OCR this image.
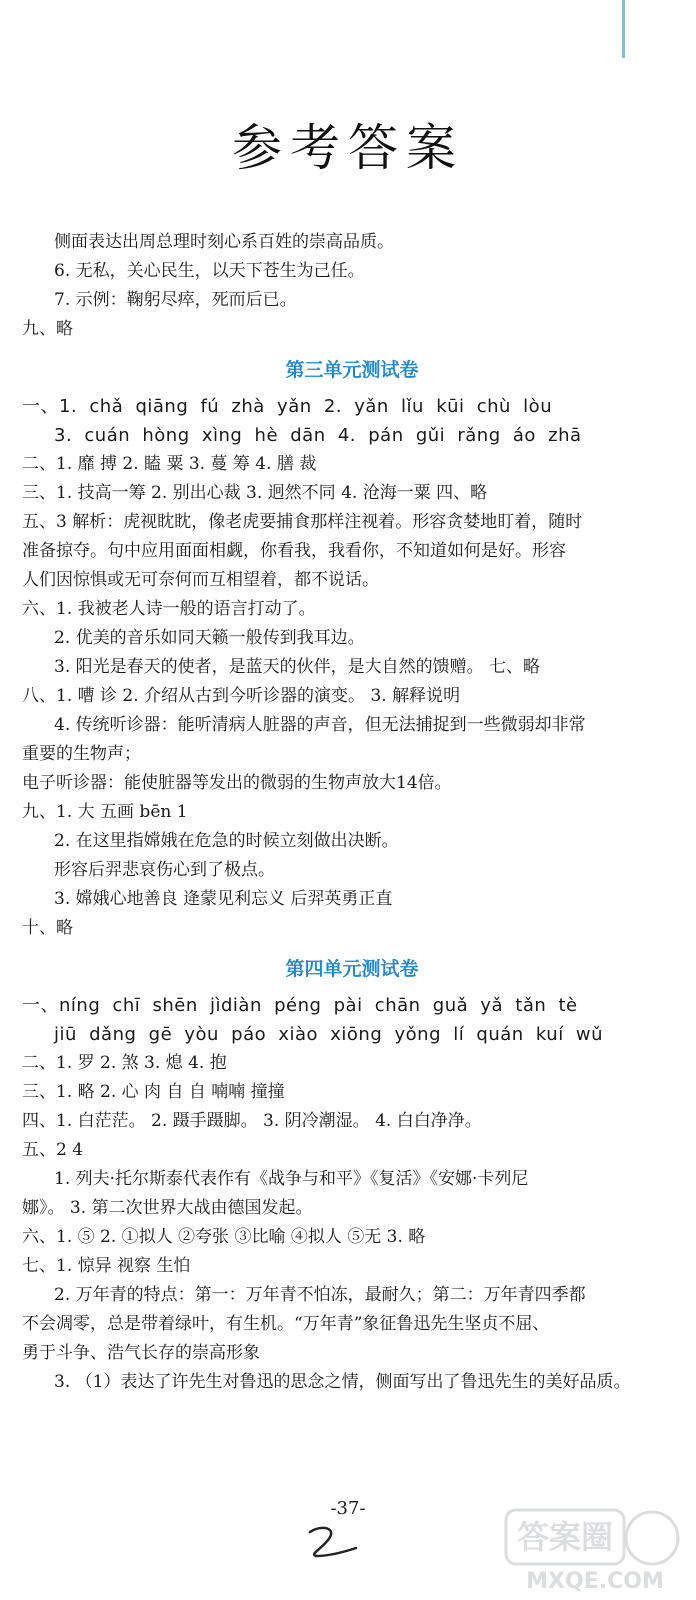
参考答案
侧面表达出周总理时刻心系百姓的崇高品质。
6. 无私，关心民生，以天下苍生为己任。
7. 示例：鞠躬尽瘁，死而后已。
九、略
第三单元测试卷
一、1. chǎ qiāng fú zhà yǎn 2. yǎn lǐu kūi chù lòu
3. cuán hòng xìng hè dān 4. pán gǔi rǎng áo zhā
二、1. 靡 搏 2. 瞌 粟 3. 蔓 筹 4. 膳 裁
三、1. 技高一筹 2. 别出心裁 3. 迥然不同 4. 沧海一粟 四、略
五、3 解析：虎视眈眈，像老虎要捕食那样注视着。形容贪婪地盯着，随时
准备掠夺。句中应用面面相觑，你看我，我看你，不知道如何是好。形容
人们因惊惧或无可奈何而互相望着，都不说话。
六、1. 我被老人诗一般的语言打动了。
2. 优美的音乐如同天籁一般传到我耳边。
3. 阳光是春天的使者，是蓝天的伙伴，是大自然的馈赠。 七、略
八、1. 嘈 诊 2. 介绍从古到今听诊器的演变。 3. 解释说明
4. 传统听诊器：能听清病人脏器的声音，但无法捕捉到一些微弱却非常
重要的生物声；
电子听诊器：能使脏器等发出的微弱的生物声放大14倍。
九、1. 大 五画 bēn 1
2. 在这里指嫦娥在危急的时候立刻做出决断。
形容后羿悲哀伤心到了极点。
3. 嫦娥心地善良 逄蒙见利忘义 后羿英勇正直
十、略
第四单元测试卷
一、níng chī shēn jìdiàn péng pài chān guǎ yǎ tǎn tè
jiū dǎng gē yòu páo xiào xiōng yǒng lí quán kuí wǔ
二、1. 罗 2. 煞 3. 熄 4. 抱
三、1. 略 2. 心 肉 自 自 喃喃 撞撞
四、1. 白茫茫。 2. 蹑手蹑脚。 3. 阴冷潮湿。 4. 白白净净。
五、2 4
1. 列夫·托尔斯泰代表作有《战争与和平》《复活》《安娜·卡列尼
娜》。 3. 第二次世界大战由德国发起。
六、1. ⑤ 2. ①拟人 ②夸张 ③比喻 ④拟人 ⑤无 3. 略
七、1. 惊异 视察 生怕
2. 万年青的特点：第一：万年青不怕冻，最耐久；第二：万年青四季都
不会凋零，总是带着绿叶，有生机。“万年青”象征鲁迅先生坚贞不屈、
勇于斗争、浩气长存的崇高形象
3. （1）表达了许先生对鲁迅的思念之情，侧面写出了鲁迅先生的美好品质。
-37-
答案圈
MXQE.COM
